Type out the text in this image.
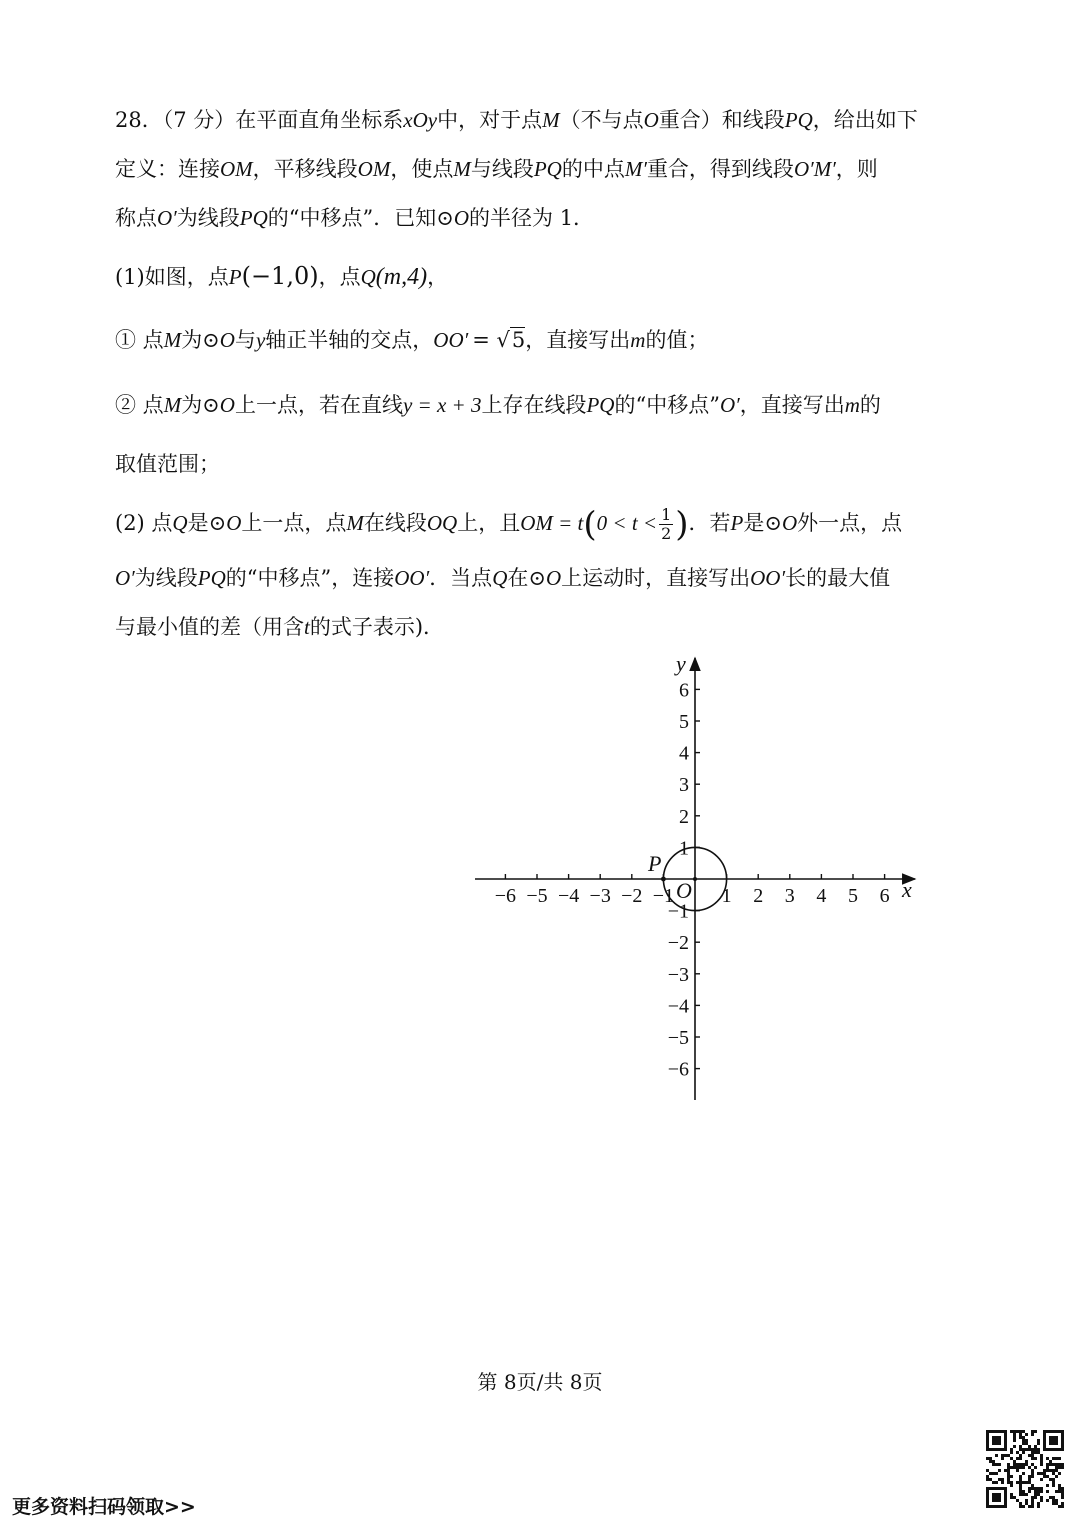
28．（7 分）在平面直角坐标系xOy中，对于点M（不与点O重合）和线段PQ，给出如下
定义：连接OM，平移线段OM，使点M与线段PQ的中点M′重合，得到线段O′M′，则
称点O′为线段PQ的“中移点”．已知⊙O的半径为 1．
(1)如图，点P(−1,0)，点Q(m,4)，
① 点M为⊙O与y轴正半轴的交点，OO′ = √5，直接写出m的值；
② 点M为⊙O上一点，若在直线y = x + 3上存在线段PQ的“中移点”O′，直接写出m的
取值范围；
(2) 点Q是⊙O上一点，点M在线段OQ上，且OM = $t(0 < t < \frac{1}{2}$ )．若P是⊙O外一点，点
O′为线段PQ的“中移点”，连接OO′．当点Q在⊙O上运动时，直接写出OO′长的最大值
与最小值的差（用含t的式子表示)．
−6 −5 −4 −3 −2 −1 1 2 3 4 5 6
6
5
4
3
2
1
−1
−2
−3
−4
−5
−6
P
O	x
y
第 8页/共 8页
更多资料扫码领取>>
